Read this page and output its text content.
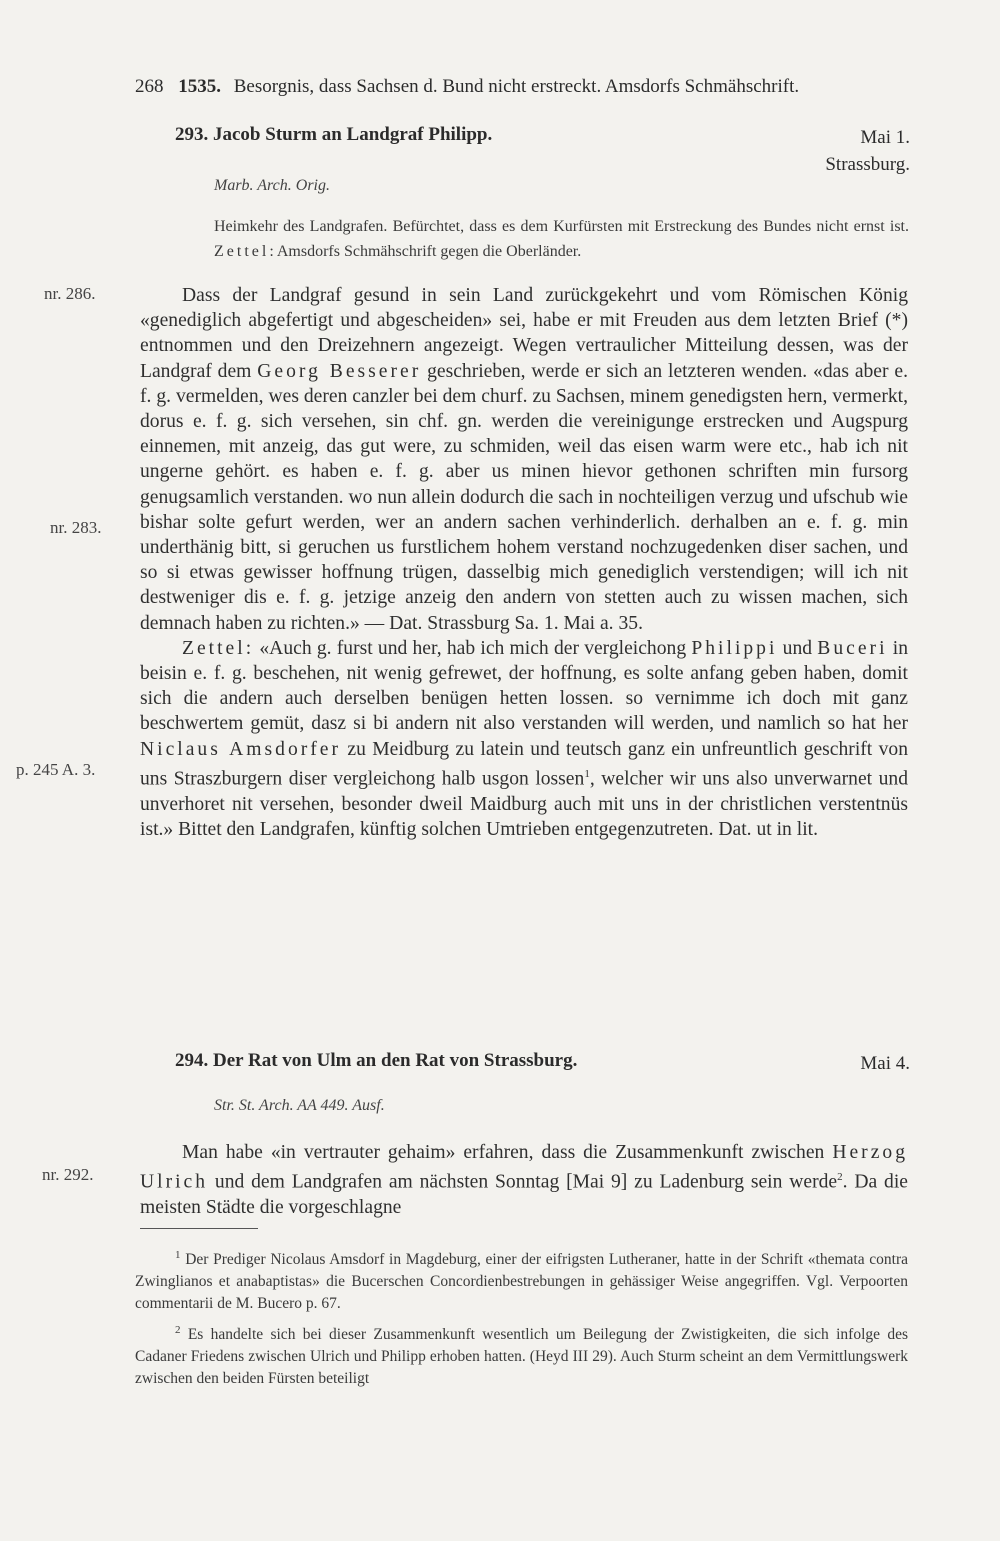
268 1535. Besorgnis, dass Sachsen d. Bund nicht erstreckt. Amsdorfs Schmähschrift.
293. Jacob Sturm an Landgraf Philipp.	Mai 1.
Strassburg.
Marb. Arch. Orig.
Heimkehr des Landgrafen. Befürchtet, dass es dem Kurfürsten mit Erstreckung des Bundes nicht ernst ist. Zettel: Amsdorfs Schmähschrift gegen die Oberländer.
nr. 286.
nr. 283.
p. 245 A. 3.
nr. 292.

Dass der Landgraf gesund in sein Land zurückgekehrt und vom Römischen König «genediglich abgefertigt und abgescheiden» sei, habe er mit Freuden aus dem letzten Brief (*) entnommen und den Dreizehnern angezeigt. Wegen vertraulicher Mitteilung dessen, was der Landgraf dem Georg Besserer geschrieben, werde er sich an letzteren wenden. «das aber e. f. g. vermelden, wes deren canzler bei dem churf. zu Sachsen, minem genedigsten hern, vermerkt, dorus e. f. g. sich versehen, sin chf. gn. werden die vereinigunge erstrecken und Augspurg einnemen, mit anzeig, das gut were, zu schmiden, weil das eisen warm were etc., hab ich nit ungerne gehört. es haben e. f. g. aber us minen hievor gethonen schriften min fursorg genugsamlich verstanden. wo nun allein dodurch die sach in nochteiligen verzug und ufschub wie bishar solte gefurt werden, wer an andern sachen verhinderlich. derhalben an e. f. g. min underthänig bitt, si geruchen us furstlichem hohem verstand nochzugedenken diser sachen, und so si etwas gewisser hoffnung trügen, dasselbig mich genediglich verstendigen; will ich nit destweniger dis e. f. g. jetzige anzeig den andern von stetten auch zu wissen machen, sich demnach haben zu richten.» — Dat. Strassburg Sa. 1. Mai a. 35.

Zettel: «Auch g. furst und her, hab ich mich der vergleichong Philippi und Buceri in beisin e. f. g. beschehen, nit wenig gefrewet, der hoffnung, es solte anfang geben haben, domit sich die andern auch derselben benügen hetten lossen. so vernimme ich doch mit ganz beschwertem gemüt, dasz si bi andern nit also verstanden will werden, und namlich so hat her Niclaus Amsdorfer zu Meidburg zu latein und teutsch ganz ein unfreuntlich geschrift von uns Straszburgern diser vergleichong halb usgon lossen$^1$, welcher wir uns also unverwarnet und unverhoret nit versehen, besonder dweil Maidburg auch mit uns in der christlichen verstentnüs ist.» Bittet den Landgrafen, künftig solchen Umtrieben entgegenzutreten. Dat. ut in lit.

294. Der Rat von Ulm an den Rat von Strassburg.	Mai 4.
Str. St. Arch. AA 449. Ausf.

Man habe «in vertrauter gehaim» erfahren, dass die Zusammenkunft zwischen Herzog Ulrich und dem Landgrafen am nächsten Sonntag [Mai 9] zu Ladenburg sein werde$^2$. Da die meisten Städte die vorgeschlagne

$^1$ Der Prediger Nicolaus Amsdorf in Magdeburg, einer der eifrigsten Lutheraner, hatte in der Schrift «themata contra Zwinglianos et anabaptistas» die Bucerschen Concordienbestrebungen in gehässiger Weise angegriffen. Vgl. Verpoorten commentarii de M. Bucero p. 67.

$^2$ Es handelte sich bei dieser Zusammenkunft wesentlich um Beilegung der Zwistigkeiten, die sich infolge des Cadaner Friedens zwischen Ulrich und Philipp erhoben hatten. (Heyd III 29). Auch Sturm scheint an dem Vermittlungswerk zwischen den beiden Fürsten beteiligt
